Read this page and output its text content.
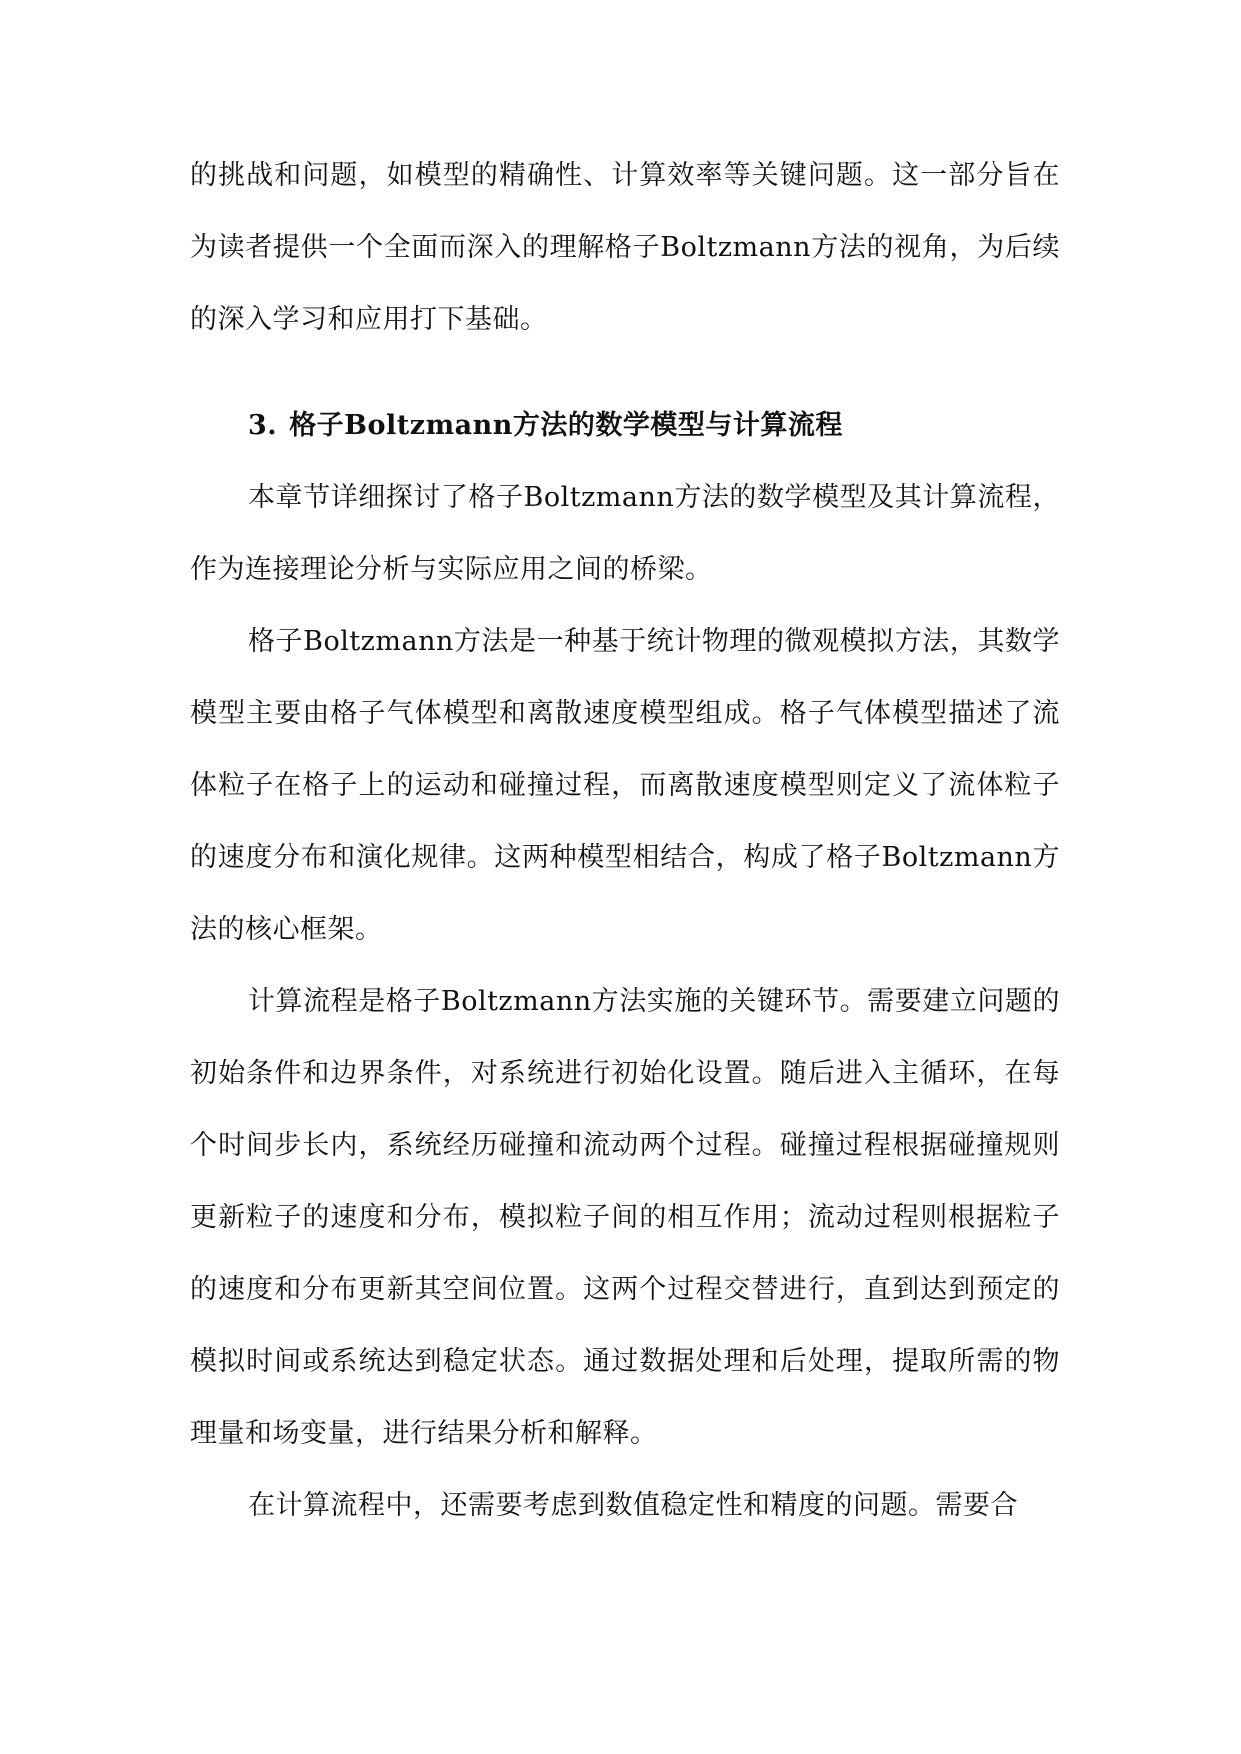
的挑战和问题，如模型的精确性、计算效率等关键问题。这一部分旨在为读者提供一个全面而深入的理解格子Boltzmann方法的视角，为后续的深入学习和应用打下基础。

3. 格子Boltzmann方法的数学模型与计算流程

本章节详细探讨了格子Boltzmann方法的数学模型及其计算流程，作为连接理论分析与实际应用之间的桥梁。

格子Boltzmann方法是一种基于统计物理的微观模拟方法，其数学模型主要由格子气体模型和离散速度模型组成。格子气体模型描述了流体粒子在格子上的运动和碰撞过程，而离散速度模型则定义了流体粒子的速度分布和演化规律。这两种模型相结合，构成了格子Boltzmann方法的核心框架。

计算流程是格子Boltzmann方法实施的关键环节。需要建立问题的初始条件和边界条件，对系统进行初始化设置。随后进入主循环，在每个时间步长内，系统经历碰撞和流动两个过程。碰撞过程根据碰撞规则更新粒子的速度和分布，模拟粒子间的相互作用；流动过程则根据粒子的速度和分布更新其空间位置。这两个过程交替进行，直到达到预定的模拟时间或系统达到稳定状态。通过数据处理和后处理，提取所需的物理量和场变量，进行结果分析和解释。

在计算流程中，还需要考虑到数值稳定性和精度的问题。需要合
